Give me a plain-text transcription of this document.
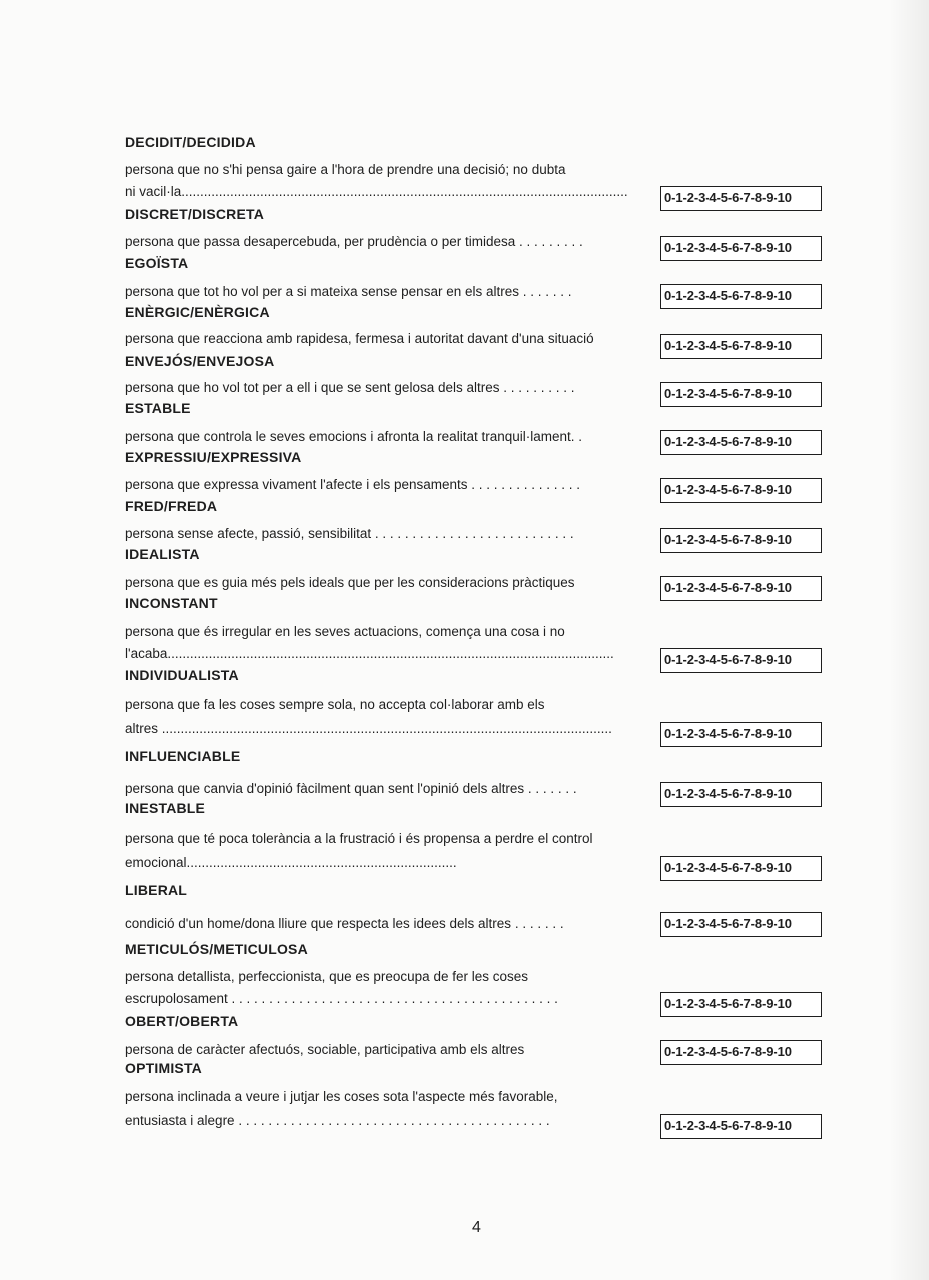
DECIDIT/DECIDIDA
persona que no s'hi pensa gaire a l'hora de prendre una decisió; no dubta
ni vacil·la.......................................................................................................................	0-1-2-3-4-5-6-7-8-9-10
DISCRET/DISCRETA
persona que passa desapercebuda, per prudència o per timidesa . . . . . . . . .	0-1-2-3-4-5-6-7-8-9-10
EGOÏSTA
persona que tot ho vol per a si mateixa sense pensar en els altres . . . . . . .	0-1-2-3-4-5-6-7-8-9-10
ENÈRGIC/ENÈRGICA
persona que reacciona amb rapidesa, fermesa i autoritat davant d'una situació	0-1-2-3-4-5-6-7-8-9-10
ENVEJÓS/ENVEJOSA
persona que ho vol tot per a ell i que se sent gelosa dels altres . . . . . . . . . .	0-1-2-3-4-5-6-7-8-9-10
ESTABLE
persona que controla le seves emocions i afronta la realitat tranquil·lament. .	0-1-2-3-4-5-6-7-8-9-10
EXPRESSIU/EXPRESSIVA
persona que expressa vivament l'afecte i els pensaments . . . . . . . . . . . . . . .	0-1-2-3-4-5-6-7-8-9-10
FRED/FREDA
persona sense afecte, passió, sensibilitat . . . . . . . . . . . . . . . . . . . . . . . . . . .	0-1-2-3-4-5-6-7-8-9-10
IDEALISTA
persona que es guia més pels ideals que per les consideracions pràctiques	0-1-2-3-4-5-6-7-8-9-10
INCONSTANT
persona que és irregular en les seves actuacions, comença una cosa i no
l'acaba.......................................................................................................................	0-1-2-3-4-5-6-7-8-9-10
INDIVIDUALISTA
persona que fa les coses sempre sola, no accepta col·laborar amb els
altres ........................................................................................................................	0-1-2-3-4-5-6-7-8-9-10
INFLUENCIABLE
persona que canvia d'opinió fàcilment quan sent l'opinió dels altres . . . . . . .	0-1-2-3-4-5-6-7-8-9-10
INESTABLE
persona que té poca tolerància a la frustració i és propensa a perdre el control
emocional........................................................................	0-1-2-3-4-5-6-7-8-9-10
LIBERAL
condició d'un home/dona lliure que respecta les idees dels altres . . . . . . .	0-1-2-3-4-5-6-7-8-9-10
METICULÓS/METICULOSA
persona detallista, perfeccionista, que es preocupa de fer les coses
escrupolosament . . . . . . . . . . . . . . . . . . . . . . . . . . . . . . . . . . . . . . . . . . . .	0-1-2-3-4-5-6-7-8-9-10
OBERT/OBERTA
persona de caràcter afectuós, sociable, participativa amb els altres	0-1-2-3-4-5-6-7-8-9-10
OPTIMISTA
persona inclinada a veure i jutjar les coses sota l'aspecte més favorable,
entusiasta i alegre . . . . . . . . . . . . . . . . . . . . . . . . . . . . . . . . . . . . . . . . . .	0-1-2-3-4-5-6-7-8-9-10
4
